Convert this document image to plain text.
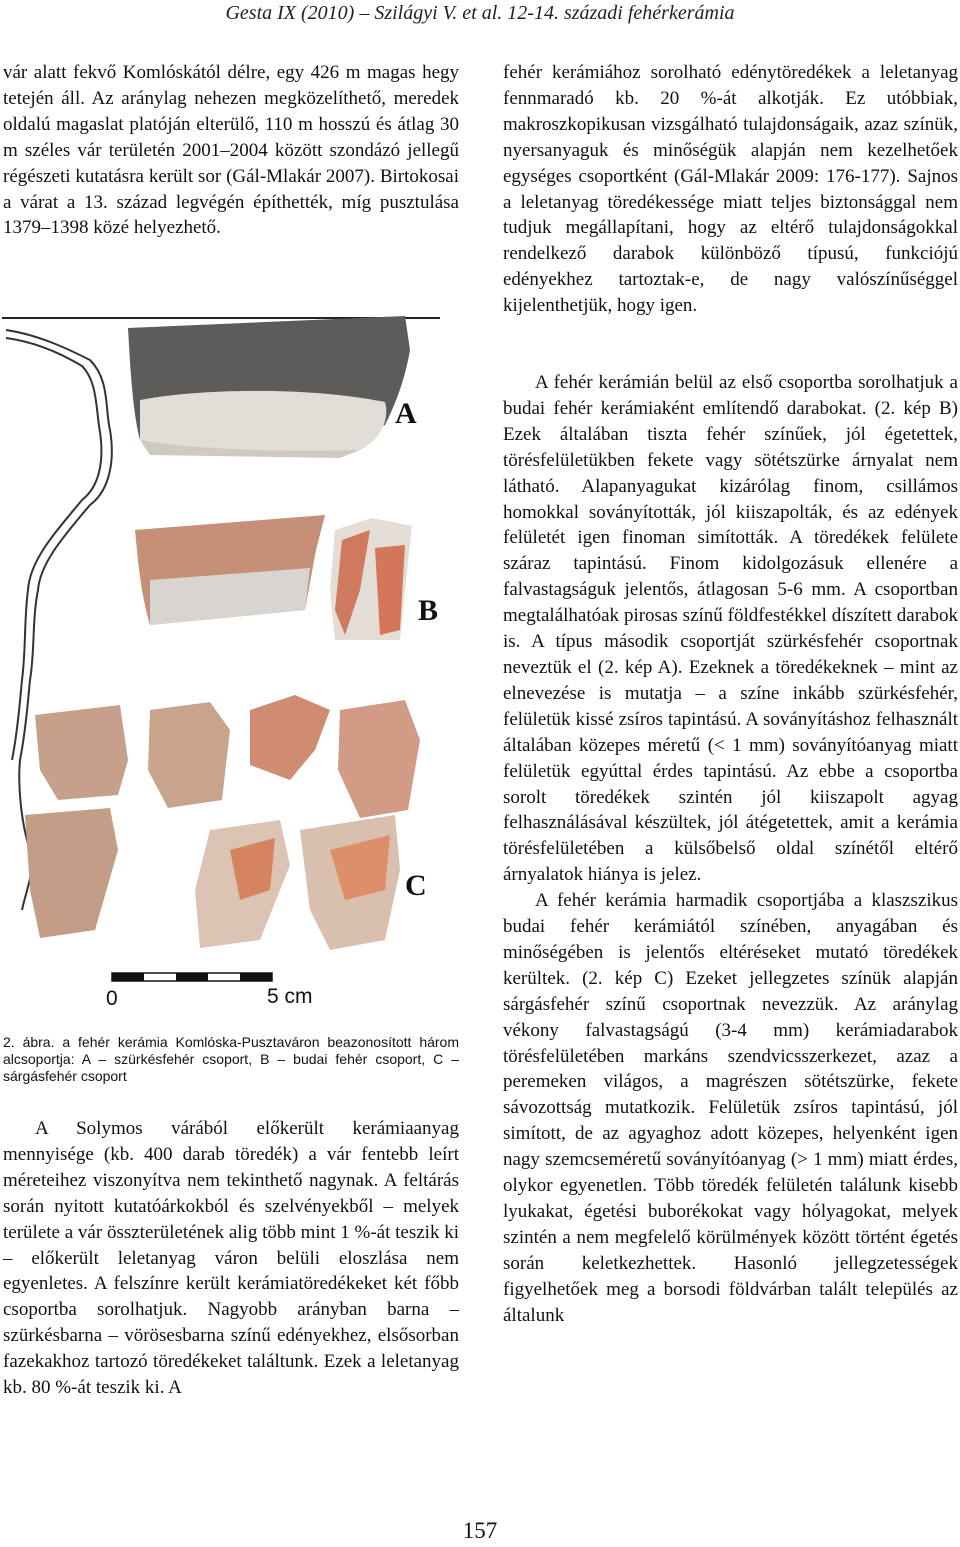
Gesta IX (2010) – Szilágyi V. et al. 12-14. századi fehérkerámia

vár alatt fekvő Komlóskától délre, egy 426 m magas hegy tetején áll. Az aránylag nehezen megközelíthető, meredek oldalú magaslat platóján elterülő, 110 m hosszú és átlag 30 m széles vár területén 2001–2004 között szondázó jellegű régészeti kutatásra került sor (Gál-Mlakár 2007). Birtokosai a várat a 13. század legvégén építhették, míg pusztulása 1379–1398 közé helyezhető.

A
B
C
0	5 cm
2. ábra. a fehér kerámia Komlóska-Pusztaváron beazonosított három alcsoportja: A – szürkésfehér csoport, B – budai fehér csoport, C – sárgásfehér csoport

A Solymos várából előkerült kerámiaanyag mennyisége (kb. 400 darab töredék) a vár fentebb leírt méreteihez viszonyítva nem tekinthető nagynak. A feltárás során nyitott kutatóárkokból és szelvényekből – melyek területe a vár összterületének alig több mint 1 %-át teszik ki – előkerült leletanyag váron belüli eloszlása nem egyenletes. A felszínre került kerámiatöredékeket két főbb csoportba sorolhatjuk. Nagyobb arányban barna – szürkésbarna – vörösesbarna színű edényekhez, elsősorban fazekakhoz tartozó töredékeket találtunk. Ezek a leletanyag kb. 80 %-át teszik ki. A

fehér kerámiához sorolható edénytöredékek a leletanyag fennmaradó kb. 20 %-át alkotják. Ez utóbbiak, makroszkopikusan vizsgálható tulajdonságaik, azaz színük, nyersanyaguk és minőségük alapján nem kezelhetőek egységes csoportként (Gál-Mlakár 2009: 176-177). Sajnos a leletanyag töredékessége miatt teljes biztonsággal nem tudjuk megállapítani, hogy az eltérő tulajdonságokkal rendelkező darabok különböző típusú, funkciójú edényekhez tartoztak-e, de nagy valószínűséggel kijelenthetjük, hogy igen.

A fehér kerámián belül az első csoportba sorolhatjuk a budai fehér kerámiaként említendő darabokat. (2. kép B) Ezek általában tiszta fehér színűek, jól égetettek, törésfelületükben fekete vagy sötétszürke árnyalat nem látható. Alapanyagukat kizárólag finom, csillámos homokkal soványították, jól kiiszapolták, és az edények felületét igen finoman simították. A töredékek felülete száraz tapintású. Finom kidolgozásuk ellenére a falvastagságuk jelentős, átlagosan 5-6 mm. A csoportban megtalálhatóak pirosas színű földfestékkel díszített darabok is. A típus második csoportját szürkésfehér csoportnak neveztük el (2. kép A). Ezeknek a töredékeknek – mint az elnevezése is mutatja – a színe inkább szürkésfehér, felületük kissé zsíros tapintású. A soványításhoz felhasznált általában közepes méretű (< 1 mm) soványítóanyag miatt felületük egyúttal érdes tapintású. Az ebbe a csoportba sorolt töredékek szintén jól kiiszapolt agyag felhasználásával készültek, jól átégetettek, amit a kerámia törésfelületében a külsőbelső oldal színétől eltérő árnyalatok hiánya is jelez.

A fehér kerámia harmadik csoportjába a klaszszikus budai fehér kerámiától színében, anyagában és minőségében is jelentős eltéréseket mutató töredékek kerültek. (2. kép C) Ezeket jellegzetes színük alapján sárgásfehér színű csoportnak nevezzük. Az aránylag vékony falvastagságú (3-4 mm) kerámiadarabok törésfelületében markáns szendvicsszerkezet, azaz a peremeken világos, a magrészen sötétszürke, fekete sávozottság mutatkozik. Felületük zsíros tapintású, jól simított, de az agyaghoz adott közepes, helyenként igen nagy szemcseméretű soványítóanyag (> 1 mm) miatt érdes, olykor egyenetlen. Több töredék felületén találunk kisebb lyukakat, égetési buborékokat vagy hólyagokat, melyek szintén a nem megfelelő körülmények között történt égetés során keletkezhettek. Hasonló jellegzetességek figyelhetőek meg a borsodi földvárban talált település az általunk

157
